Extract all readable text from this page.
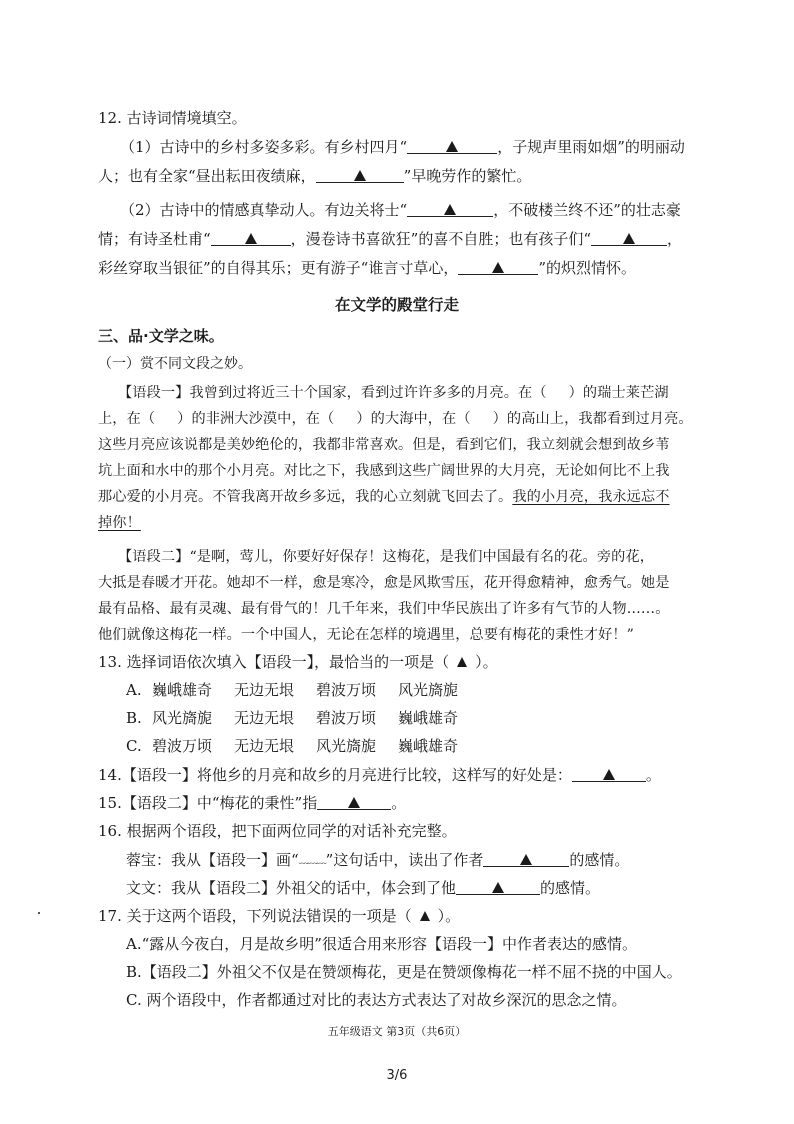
12. 古诗词情境填空。
（1）古诗中的乡村多姿多彩。有乡村四月“	，子规声里雨如烟”的明丽动
人；也有全家“昼出耘田夜绩麻，	”早晚劳作的繁忙。
（2）古诗中的情感真挚动人。有边关将士“	，不破楼兰终不还”的壮志豪
情；有诗圣杜甫“	，漫卷诗书喜欲狂”的喜不自胜；也有孩子们“	，
彩丝穿取当银征”的自得其乐；更有游子“谁言寸草心，	”的炽烈情怀。
在文学的殿堂行走
三、品·文学之味。
（一）赏不同文段之妙。
【语段一】我曾到过将近三十个国家，看到过许许多多的月亮。在（ ）的瑞士莱芒湖
上，在（ ）的非洲大沙漠中，在（ ）的大海中，在（ ）的高山上，我都看到过月亮。
这些月亮应该说都是美妙绝伦的，我都非常喜欢。但是，看到它们，我立刻就会想到故乡苇
坑上面和水中的那个小月亮。对比之下，我感到这些广阔世界的大月亮，无论如何比不上我
那心爱的小月亮。不管我离开故乡多远，我的心立刻就飞回去了。我的小月亮，我永远忘不
掉你！
【语段二】“是啊，莺儿，你要好好保存！这梅花，是我们中国最有名的花。旁的花，
大抵是春暖才开花。她却不一样，愈是寒冷，愈是风欺雪压，花开得愈精神，愈秀气。她是
最有品格、最有灵魂、最有骨气的！几千年来，我们中华民族出了许多有气节的人物……。
他们就像这梅花一样。一个中国人，无论在怎样的境遇里，总要有梅花的秉性才好！”
13. 选择词语依次填入【语段一】，最恰当的一项是（ ）。
A. 巍峨雄奇 无边无垠 碧波万顷 风光旖旎
B. 风光旖旎 无边无垠 碧波万顷 巍峨雄奇
C. 碧波万顷 无边无垠 风光旖旎 巍峨雄奇
14.【语段一】将他乡的月亮和故乡的月亮进行比较，这样写的好处是：	。
15.【语段二】中“梅花的秉性”指	。
16. 根据两个语段，把下面两位同学的对话补充完整。
蓉宝：我从【语段一】画“﹏﹏﹏”这句话中，读出了作者	的感情。
文文：我从【语段二】外祖父的话中，体会到了他	的感情。
17. 关于这两个语段，下列说法错误的一项是（ ）。
A.“露从今夜白，月是故乡明”很适合用来形容【语段一】中作者表达的感情。
B.【语段二】外祖父不仅是在赞颂梅花，更是在赞颂像梅花一样不屈不挠的中国人。
C. 两个语段中，作者都通过对比的表达方式表达了对故乡深沉的思念之情。
五年级语文 第3页（共6页）
3/6
